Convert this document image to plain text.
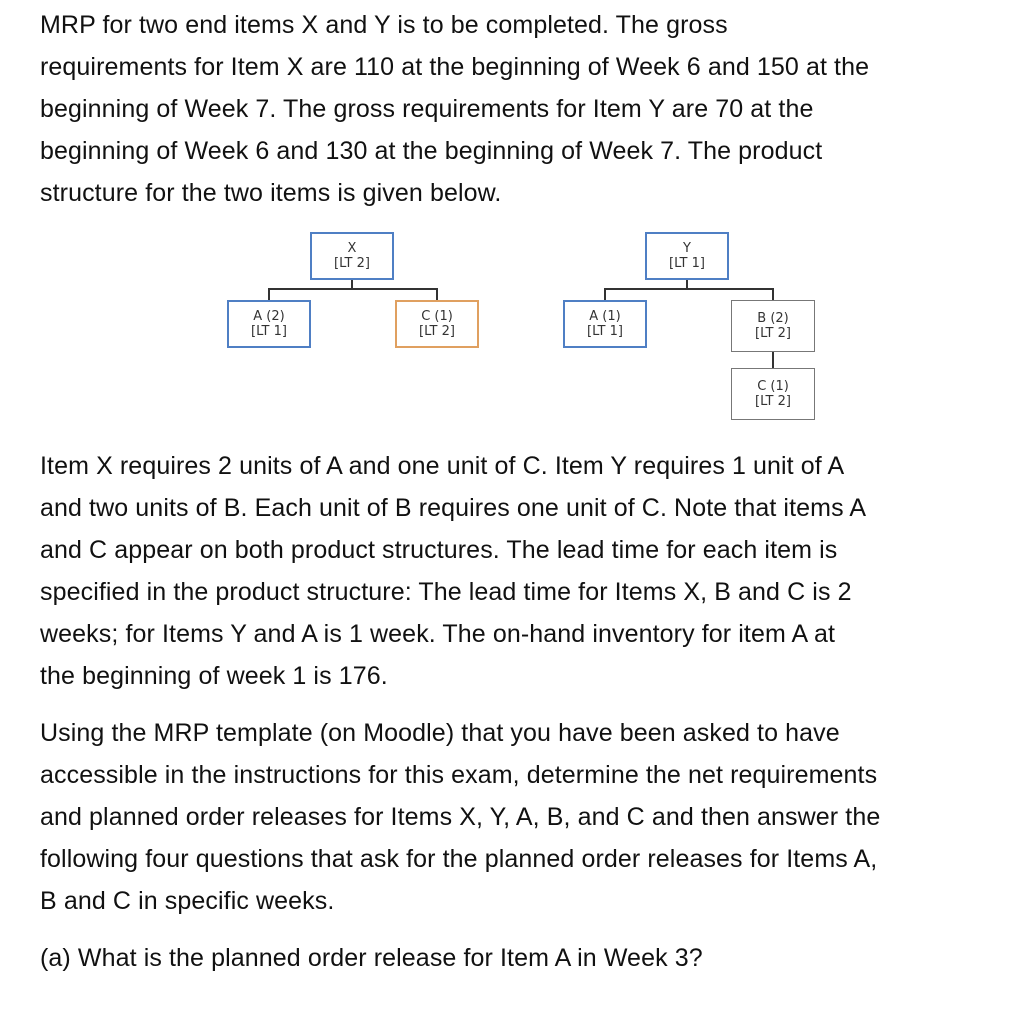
MRP for two end items X and Y is to be completed. The gross
requirements for Item X are 110 at the beginning of Week 6 and 150 at the
beginning of Week 7. The gross requirements for Item Y are 70 at the
beginning of Week 6 and 130 at the beginning of Week 7. The product
structure for the two items is given below.

X
[LT 2]
A (2)
[LT 1]
C (1)
[LT 2]
Y
[LT 1]
A (1)
[LT 1]
B (2)
[LT 2]
C (1)
[LT 2]

Item X requires 2 units of A and one unit of C. Item Y requires 1 unit of A
and two units of B. Each unit of B requires one unit of C. Note that items A
and C appear on both product structures. The lead time for each item is
specified in the product structure: The lead time for Items X, B and C is 2
weeks; for Items Y and A is 1 week. The on-hand inventory for item A at
the beginning of week 1 is 176.

Using the MRP template (on Moodle) that you have been asked to have
accessible in the instructions for this exam, determine the net requirements
and planned order releases for Items X, Y, A, B, and C and then answer the
following four questions that ask for the planned order releases for Items A,
B and C in specific weeks.

(a) What is the planned order release for Item A in Week 3?
